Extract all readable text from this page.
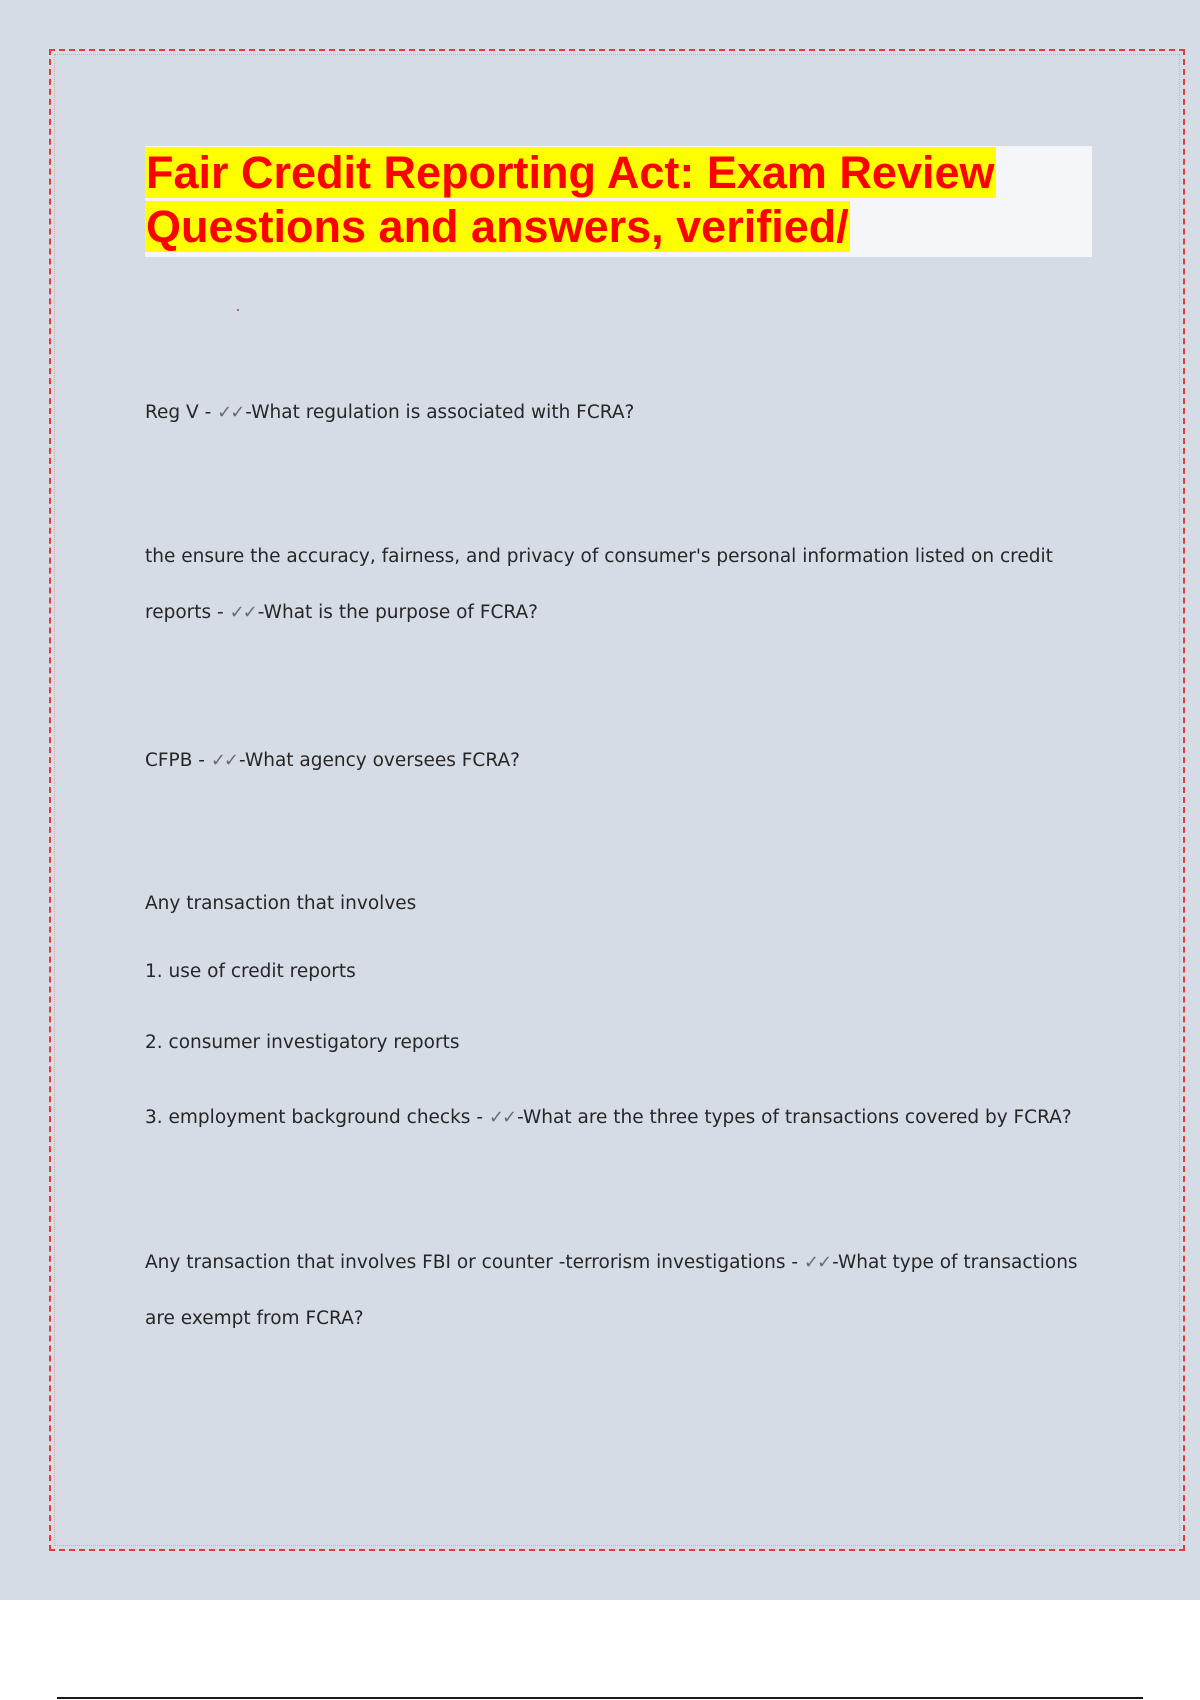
Fair Credit Reporting Act: Exam Review
Questions and answers, verified/

Reg V - ✓✓ -What regulation is associated with FCRA?

the ensure the accuracy, fairness, and privacy of consumer's personal information listed on credit

reports - ✓✓ -What is the purpose of FCRA?

CFPB - ✓✓ -What agency oversees FCRA?

Any transaction that involves

1. use of credit reports

2. consumer investigatory reports

3. employment background checks - ✓✓ -What are the three types of transactions covered by FCRA?

Any transaction that involves FBI or counter -terrorism investigations - ✓✓ -What type of transactions

are exempt from FCRA?
